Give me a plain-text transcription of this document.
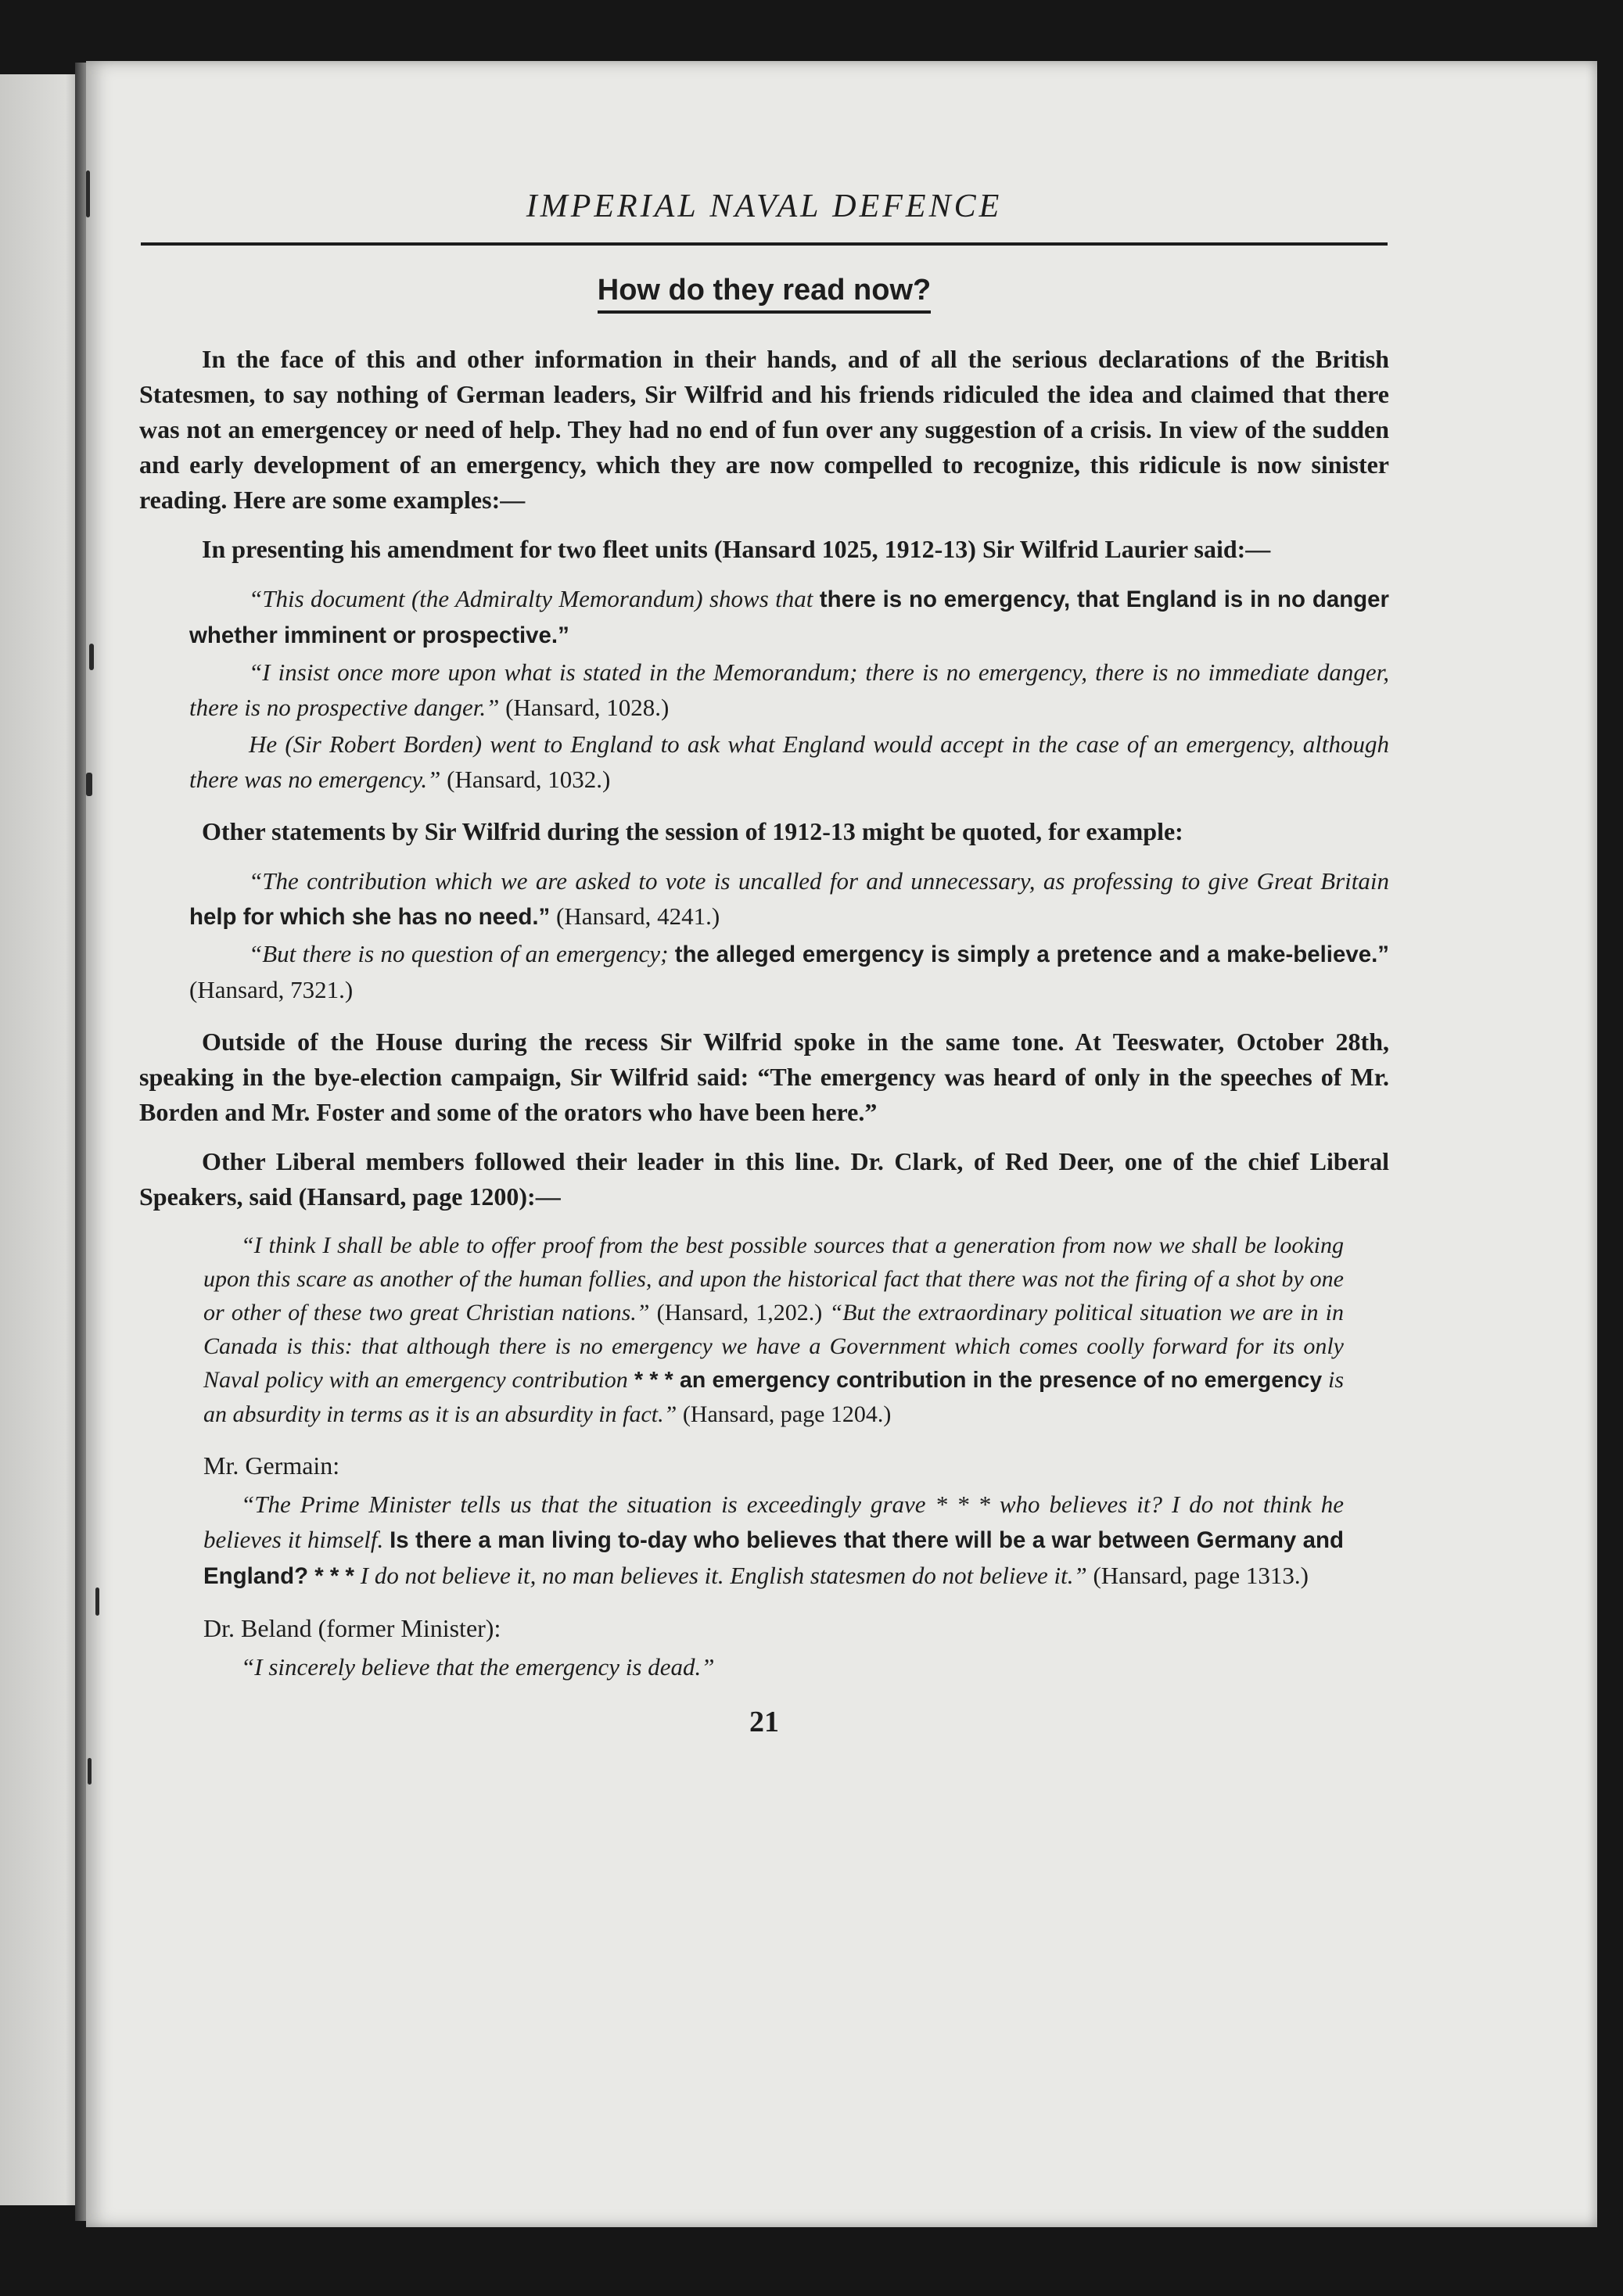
IMPERIAL NAVAL DEFENCE
How do they read now?

In the face of this and other information in their hands, and of all the serious declarations of the British Statesmen, to say nothing of German leaders, Sir Wilfrid and his friends ridiculed the idea and claimed that there was not an emergencey or need of help. They had no end of fun over any suggestion of a crisis. In view of the sudden and early development of an emergency, which they are now compelled to recognize, this ridicule is now sinister reading. Here are some examples:—

In presenting his amendment for two fleet units (Hansard 1025, 1912-13) Sir Wilfrid Laurier said:—

“This document (the Admiralty Memorandum) shows that there is no emergency, that England is in no danger whether imminent or prospective.”

“I insist once more upon what is stated in the Memorandum; there is no emergency, there is no immediate danger, there is no prospective danger.” (Hansard, 1028.)

He (Sir Robert Borden) went to England to ask what England would accept in the case of an emergency, although there was no emergency.” (Hansard, 1032.)

Other statements by Sir Wilfrid during the session of 1912-13 might be quoted, for example:

“The contribution which we are asked to vote is uncalled for and unnecessary, as professing to give Great Britain help for which she has no need.” (Hansard, 4241.)

“But there is no question of an emergency; the alleged emergency is simply a pretence and a make-believe.” (Hansard, 7321.)

Outside of the House during the recess Sir Wilfrid spoke in the same tone. At Teeswater, October 28th, speaking in the bye-election campaign, Sir Wilfrid said: “The emergency was heard of only in the speeches of Mr. Borden and Mr. Foster and some of the orators who have been here.”

Other Liberal members followed their leader in this line. Dr. Clark, of Red Deer, one of the chief Liberal Speakers, said (Hansard, page 1200):—

“I think I shall be able to offer proof from the best possible sources that a generation from now we shall be looking upon this scare as another of the human follies, and upon the historical fact that there was not the firing of a shot by one or other of these two great Christian nations.” (Hansard, 1,202.) “But the extraordinary political situation we are in in Canada is this: that although there is no emergency we have a Government which comes coolly forward for its only Naval policy with an emergency contribution * * * an emergency contribution in the presence of no emergency is an absurdity in terms as it is an absurdity in fact.” (Hansard, page 1204.)

Mr. Germain:

“The Prime Minister tells us that the situation is exceedingly grave * * * who believes it? I do not think he believes it himself. Is there a man living to-day who believes that there will be a war between Germany and England? * * * I do not believe it, no man believes it. English statesmen do not believe it.” (Hansard, page 1313.)

Dr. Beland (former Minister):

“I sincerely believe that the emergency is dead.”

21
